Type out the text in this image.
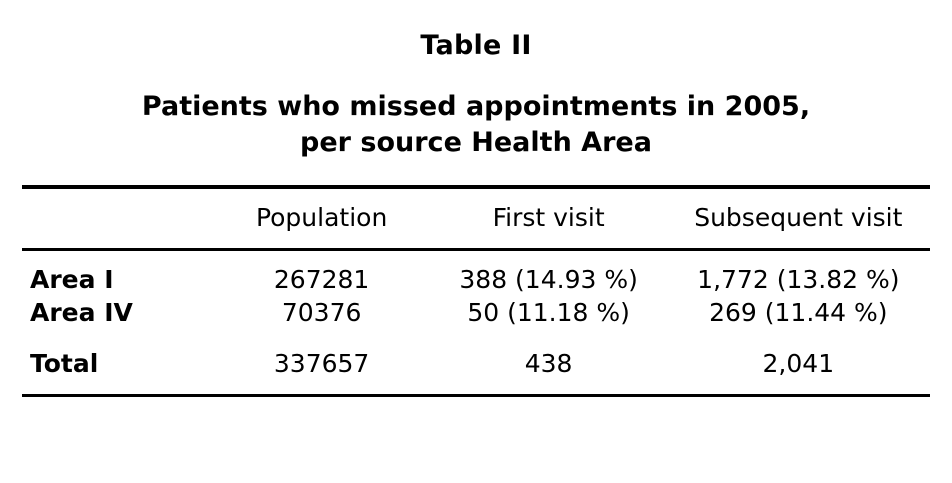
Table II
Patients who missed appointments in 2005,
per source Health Area
	Population	First visit	Subsequent visit
Area I	267281	388 (14.93 %)	1,772 (13.82 %)
Area IV	70376	50 (11.18 %)	269 (11.44 %)
Total	337657	438	2,041
